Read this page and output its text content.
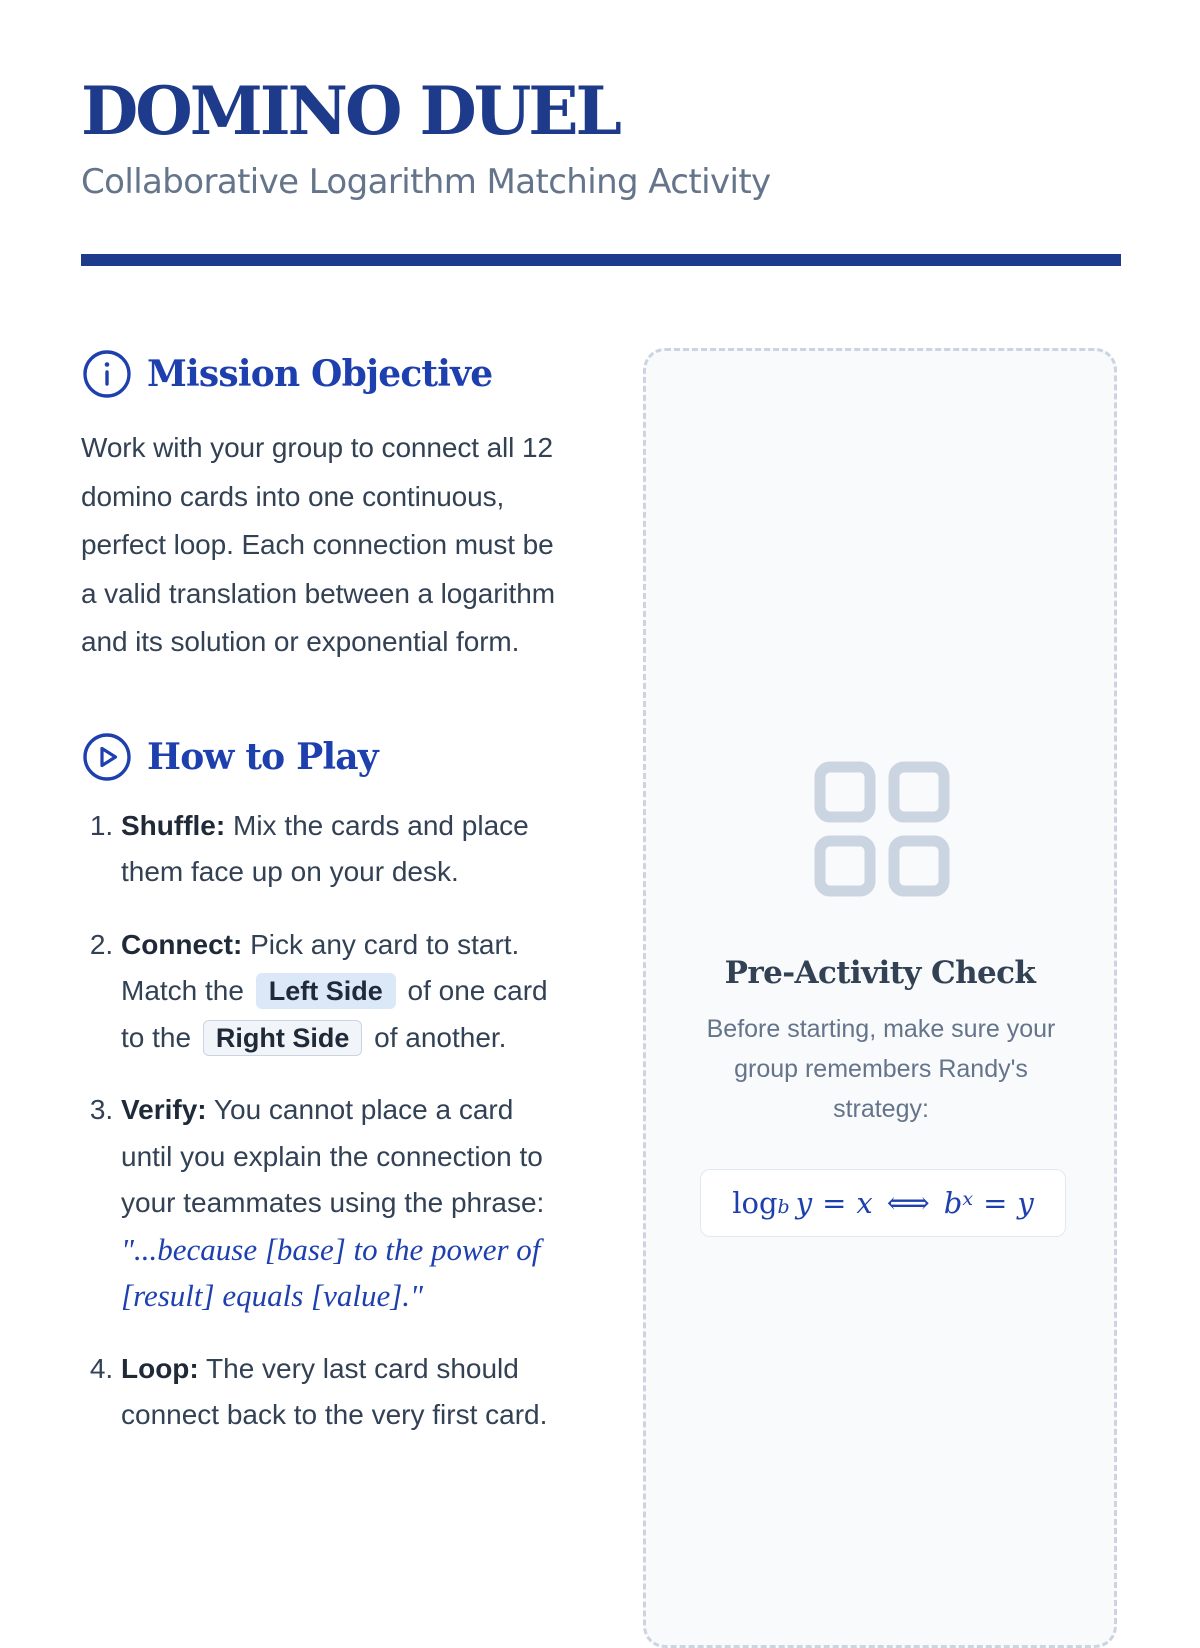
DOMINO DUEL
Collaborative Logarithm Matching Activity
Mission Objective

Work with your group to connect all 12 domino cards into one continuous, perfect loop. Each connection must be a valid translation between a logarithm and its solution or exponential form.

How to Play
1. Shuffle: Mix the cards and place them face up on your desk.
2. Connect: Pick any card to start. Match the Left Side of one card to the Right Side of another.
3. Verify: You cannot place a card until you explain the connection to your teammates using the phrase:
"...because [base] to the power of [result] equals [value]."
4. Loop: The very last card should connect back to the very first card.
Pre-Activity Check

Before starting, make sure your group remembers Randy's strategy:

$\log_b y = x$ ⟺ $b^x = y$
